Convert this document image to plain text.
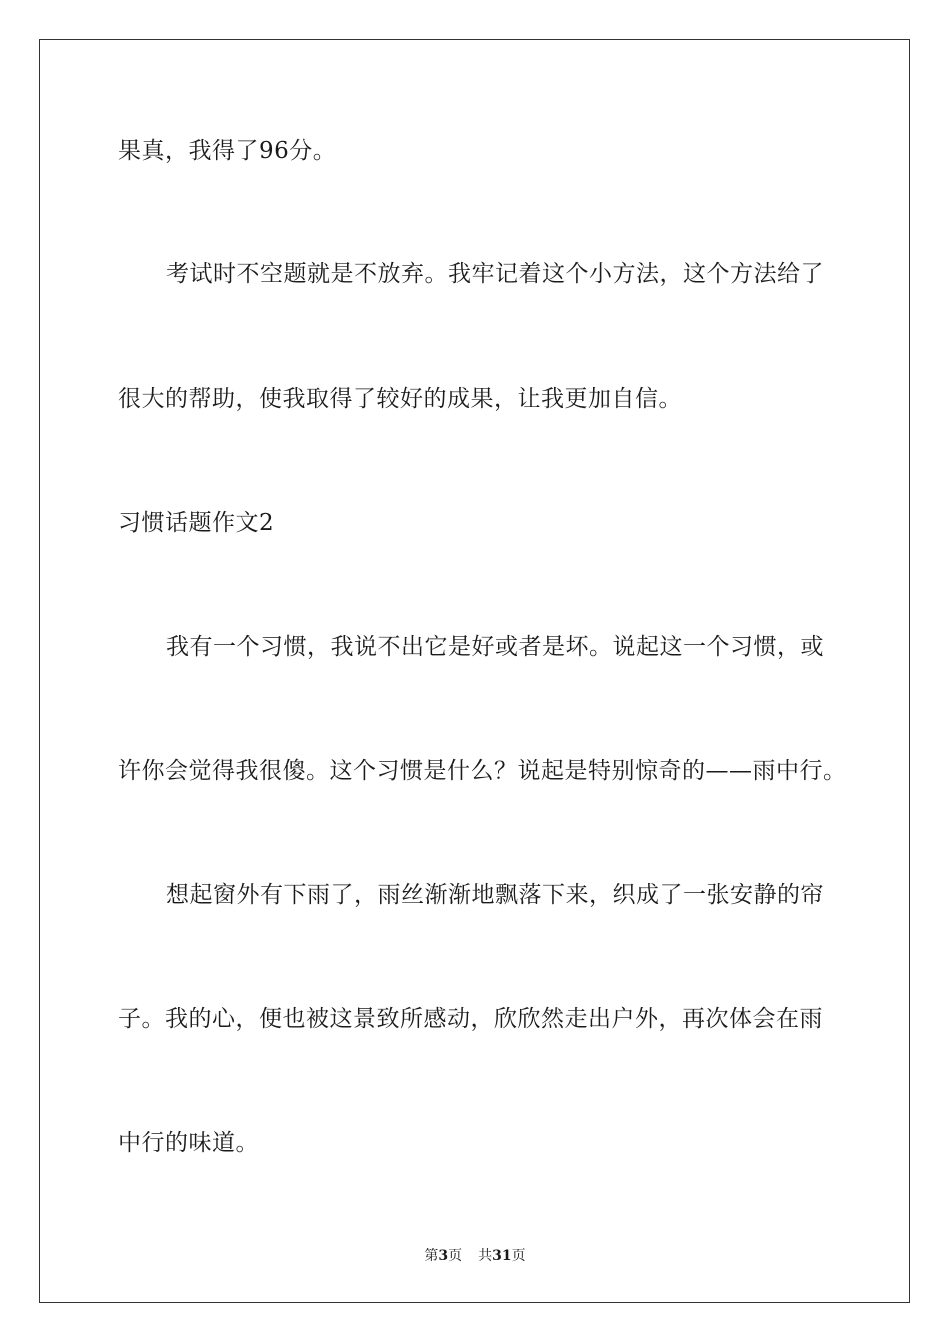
果真，我得了96分。
考试时不空题就是不放弃。我牢记着这个小方法，这个方法给了
很大的帮助，使我取得了较好的成果，让我更加自信。
习惯话题作文2
我有一个习惯，我说不出它是好或者是坏。说起这一个习惯，或
许你会觉得我很傻。这个习惯是什么？说起是特别惊奇的——雨中行。
想起窗外有下雨了，雨丝渐渐地飘落下来，织成了一张安静的帘
子。我的心，便也被这景致所感动，欣欣然走出户外，再次体会在雨
中行的味道。
第3页 共31页
